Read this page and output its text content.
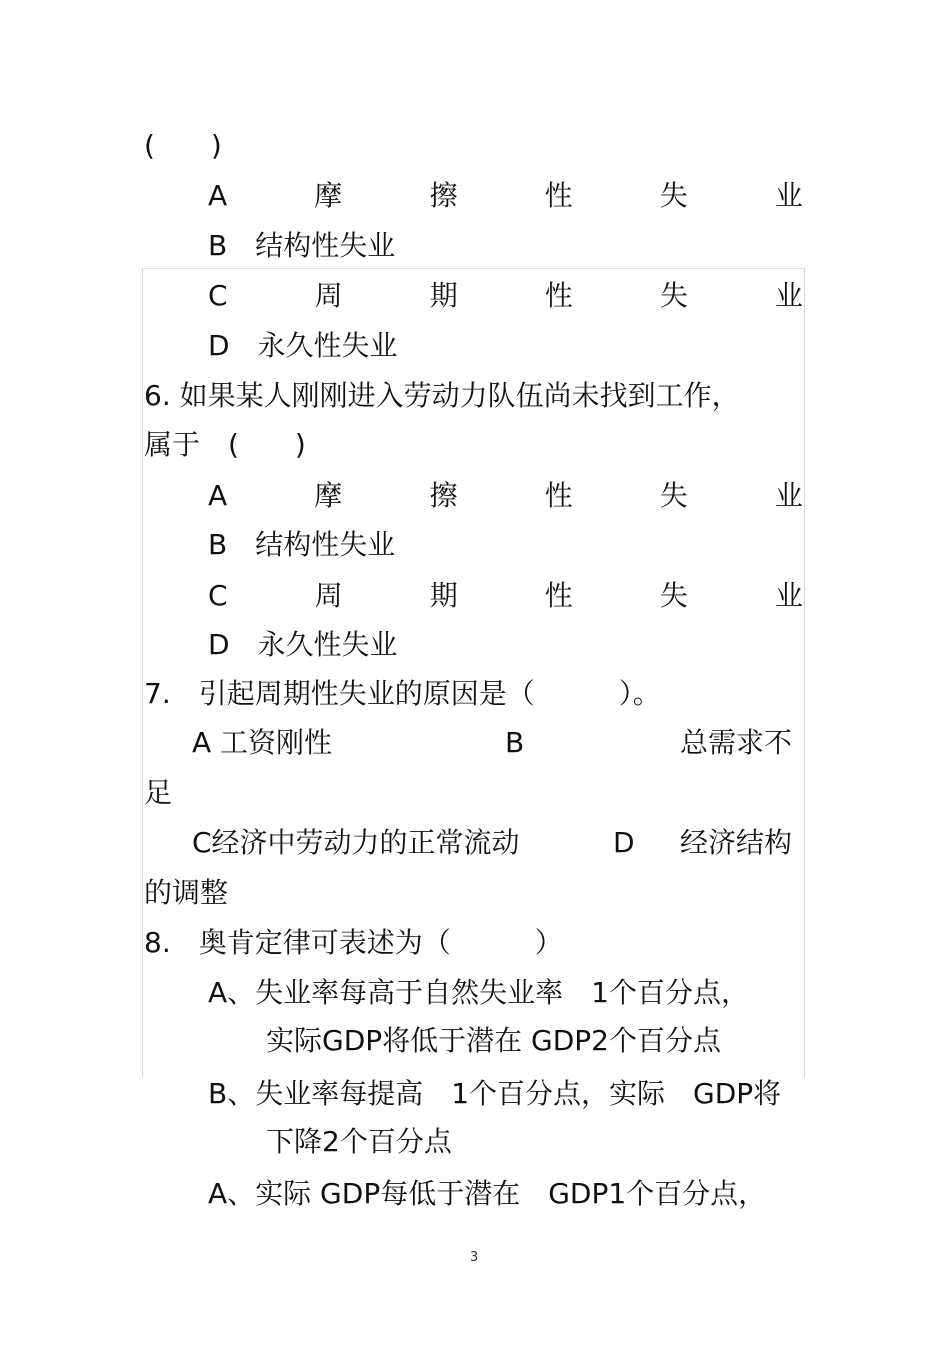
(　　)
A	摩	擦	性	失	业
B　结构性失业
C	周	期	性	失	业
D　永久性失业
6. 如果某人刚刚进入劳动力队伍尚未找到工作，
属于　(　　)
A	摩	擦	性	失	业
B　结构性失业
C	周	期	性	失	业
D　永久性失业
7.　引起周期性失业的原因是（　　　）。
A 工资刚性	B	总需求不
足
C经济中劳动力的正常流动	D 经济结构
的调整
8.　奥肯定律可表述为（　　　）
A、失业率每高于自然失业率　1个百分点，
实际GDP将低于潜在 GDP2个百分点
B、失业率每提高　1个百分点，实际　GDP将
下降2个百分点
A、实际 GDP每低于潜在　GDP1个百分点，
3
